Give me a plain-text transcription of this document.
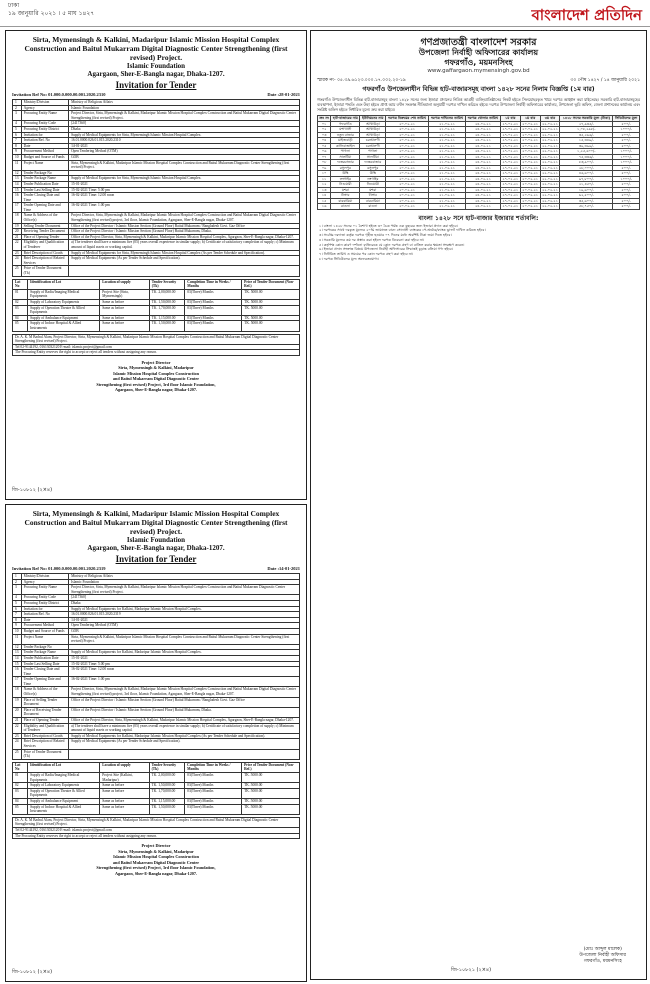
ঢাকা
১৯ জানুয়ারি ২০২১ । ৫ মাঘ ১৪২৭	বাংলাদেশ প্রতিদিন
Sirta, Mymensingh & Kalkini, Madaripur Islamic Mission Hospital Complex Construction and Baitul Mukarram Digital Diagnostic Center Strengthening (first revised) Project.
Islamic Foundation
Agargaon, Sher-E-Bangla nagar, Dhaka-1207.
Invitation for Tender
Invitation Ref No: 01.000.0.000.00.001.2020.2310	Date :28-01-2021
1	Ministry/Division	Ministry of Religious Affairs
2	Agency	Islamic Foundation
3	Procuring Entity Name	Project Director, Sirta, Mymensingh & Kalkini, Madaripur Islamic Mission Hospital Complex Construction and Baitul Mukarram Digital Diagnostic Center Strengthening (first revised) Project.
4	Procuring Entity Code	[2417360]
5	Procuring Entity District	Dhaka
6	Invitation for	Supply of Medical Equipments for Sirta, Mymensingh Islamic Mission Hospital Complex.
7	Invitation Ref. No	16.01.0000.026.01.015.2020.2310
8	Date	14-01-2021
9	Procurement Method	Open Tendering Method (OTM)
10	Budget and Source of Funds	GOB
11	Project Name	Sirta, Mymensingh & Kalkini, Madaripur Islamic Mission Hospital Complex Construction and Baitul Mukarram Diagnostic Center Strengthening (first revised) Project.
12	Tender Package No	
13	Tender Package Name	Supply of Medical Equipments for Sirta, Mymensingh Islamic Mission Hospital Complex.
14	Tender Publication Date	15-01-2021
15	Tender Last Selling Date	15-02-2021 Time: 5.00 pm
16	Tender Closing Date and Time	16-02-2021 Time: 12.00 noon
17	Tender Opening Date and Time	16-02-2021 Time: 1.00 pm
18	Name & Address of the Office(s)	Project Director, Sirta, Mymensingh & Kalkini, Madaripur Islamic Mission Hospital Complex Construction and Baitul Mukarram Digital Diagnostic Center Strengthening (first revised) project, 3rd floor, Islamic Foundation, Agargaon, Sher-E-Bangla nagar, Dhaka-1207.
19	Selling Tender Document	Office of the Project Director / Islamic Mission Section (Ground Floor) Baitul Mukarram / Bangladesh Govt. Gaz Office
20	Receiving Tender Document	Office of the Project Director / Islamic Mission Section (Ground Floor) Baitul Mukarram, Dhaka.
21	Place of Opening Tender	Office of the Project Director, Sirta, Mymensingh & Kalkini, Madaripur Islamic Mission Hospital Complex, Agargaon, Sher-E-Bangla nagar, Dhaka-1207.
22	Eligibility and Qualification of Tenderer	a) The tenderer shall have a minimum five (05) years overall experience in similar supply; b) Certificate of satisfactory completion of supply; c) Minimum amount of liquid assets or working capital.
23	Brief Description of Goods	Supply of Medical Equipments for Sirta, Mymensingh Islamic Mission Hospital Complex (As per Tender Schedule and Specification).
24	Brief Description of Related Services	Supply of Medical Equipments (As per Tender Schedule and Specification).
25	Price of Tender Document (Tk)	
Lot No	Identification of Lot	Location of supply	Tender Security (Tk)	Completion Time in Weeks / Months	Price of Tender Document (Non-Ref.)
01	Supply of Radio/Imaging Medical Equipments	Project Site (Sirta, Mymensingh)	TK. 2,00,000.00	03(Three) Months	TK. 5000.00
02	Supply of Laboratory Equipments	Same as before	TK. 1,50,000.00	03(Three) Months	TK. 5000.00
03	Supply of Operation Theatre & Allied Equipments	Same as before	TK. 1,70,000.00	03(Three) Months	TK. 5000.00
04	Supply of Ambulance Equipment	Same as before	TK. 1,15,000.00	03(Three) Months	TK. 5000.00
05	Supply of Indoor Hospital & Allied Instruments	Same as before	TK. 1,50,000.00	03(Three) Months	TK. 5000.00
Dr. A. K. M Badrul Alam, Project Director, Sirta, Mymensingh & Kalkini, Madaripur Islamic Mission Hospital Complex Construction and Baitul Mukarram Digital Diagnostic Center Strengthening (first revised) Project.
Tel 02-9144192, 01613032120 E-mail: islamic.project@gmail.com
The Procuring Entity reserves the right to accept or reject all tenders without assigning any reason.
Project Director
Sirta, Mymensingh & Kalkini, Madaripur
Islamic Mission Hospital Complex Construction
and Baitul Mukarram Digital Diagnostic Center
Strengthening (first revised) Project, 3rd floor Islamic Foundation,
Agargaon, Sher-E-Bangla nagar, Dhaka-1207.
জি-১০৮১২ (২×৪)
Sirta, Mymensingh & Kalkini, Madaripur Islamic Mission Hospital Complex Construction and Baitul Mukarram Digital Diagnostic Center Strengthening (first revised) Project.
Islamic Foundation
Agargaon, Sher-E-Bangla nagar, Dhaka-1207.
Invitation for Tender
Invitation Ref No: 01.000.0.000.00.001.2020.2319	Date :14-01-2021
1	Ministry/Division	Ministry of Religious Affairs
2	Agency	Islamic Foundation
3	Procuring Entity Name	Project Director, Sirta, Mymensingh & Kalkini, Madaripur Islamic Mission Hospital Complex Construction and Baitul Mukarram Diagnostic Center Strengthening (first revised) Project.
4	Procuring Entity Code	[2417360]
5	Procuring Entity District	Dhaka
6	Invitation for	Supply of Medical Equipments for Kalkini, Madaripur Islamic Mission Hospital Complex.
7	Invitation Ref. No	16.01.0000.026.01.015.2020.2319
8	Date	14-01-2021
9	Procurement Method	Open Tendering Method (OTM)
10	Budget and Source of Funds	GOB
11	Project Name	Sirta, Mymensingh & Kalkini, Madaripur Islamic Mission Hospital Complex Construction and Baitul Mukarram Diagnostic Center Strengthening (first revised) Project.
12	Tender Package No	
13	Tender Package Name	Supply of Medical Equipments for Kalkini, Madaripur Islamic Mission Hospital Complex.
14	Tender Publication Date	15-01-2021
15	Tender Last Selling Date	15-02-2021 Time: 5.00 pm
16	Tender Closing Date and Time	16-02-2021 Time: 12.00 noon
17	Tender Opening Date and Time	16-02-2021 Time: 1.00 pm
18	Name & Address of the Office(s)	Project Director, Sirta, Mymensingh & Kalkini, Madaripur Islamic Mission Hospital Complex Construction and Baitul Mukarram Digital Diagnostic Center Strengthening (first revised) project, 3rd floor, Islamic Foundation, Agargaon, Sher-E-Bangla nagar, Dhaka-1207.
19	Place of Selling Tender Document	Office of the Project Director / Islamic Mission Section (Ground Floor) Baitul Mukarram / Bangladesh Govt. Gaz Office
20	Place of Receiving Tender Document	Office of the Project Director / Islamic Mission Section (Ground Floor) Baitul Mukarram, Dhaka.
21	Place of Opening Tender	Office of the Project Director, Sirta, Mymensingh & Kalkini, Madaripur Islamic Mission Hospital Complex, Agargaon, Sher-E-Bangla nagar, Dhaka-1207.
22	Eligibility and Qualification of Tenderer	a) The tenderer shall have a minimum five (05) years overall experience in similar supply; b) Certificate of satisfactory completion of supply; c) Minimum amount of liquid assets or working capital.
23	Brief Description of Goods	Supply of Medical Equipments for Kalkini, Madaripur Islamic Mission Hospital Complex (As per Tender Schedule and Specification).
24	Brief Description of Related Services	Supply of Medical Equipments (As per Tender Schedule and Specification).
25	Price of Tender Document (Tk)	
Lot No	Identification of Lot	Location of supply	Tender Security (Tk)	Completion Time in Weeks / Months	Price of Tender Document (Non-Ref.)
01	Supply of Radio/Imaging Medical Equipments	Project Site (Kalkini, Madaripur)	TK. 2,00,000.00	03(Three) Months	TK. 5000.00
02	Supply of Laboratory Equipments	Same as before	TK. 1,50,000.00	03(Three) Months	TK. 5000.00
03	Supply of Operation Theatre & Allied Equipments	Same as before	TK. 1,70,000.00	03(Three) Months	TK. 5000.00
04	Supply of Ambulance Equipment	Same as before	TK. 1,15,000.00	03(Three) Months	TK. 5000.00
05	Supply of Indoor Hospital & Allied Instruments	Same as before	TK. 1,50,000.00	03(Three) Months	TK. 5000.00
Dr. A. K. M Badrul Alam, Project Director, Sirta, Mymensingh & Kalkini, Madaripur Islamic Mission Hospital Complex Construction and Baitul Mukarram Digital Diagnostic Center Strengthening (first revised) Project.
Tel 02-9144192, 01613032120 E-mail: islamic.project@gmail.com
The Procuring Entity reserves the right to accept or reject all tenders without assigning any reason.
Project Director
Sirta, Mymensingh & Kalkini, Madaripur
Islamic Mission Hospital Complex Construction
and Baitul Mukarram Digital Diagnostic Center
Strengthening (first revised) Project, 3rd floor Islamic Foundation,
Agargaon, Sher-E-Bangla nagar, Dhaka-1207.
জি-১০৮১২ (২×৪)
গণপ্রজাতন্ত্রী বাংলাদেশ সরকার
উপজেলা নির্বাহী অফিসারের কার্যালয়
গফরগাঁও, ময়মনসিংহ
www.gaffargaon.mymensingh.gov.bd
স্মারক নং- ০৫.৩৯.৬১২৩.০০০.১৭.০০২.২০-১৯	৩০ পৌষ ১৪২৭ / ১৪ জানুয়ারি ২০২১
গফরগাঁও উপজেলাধীন বিভিন্ন হাট-বাজারসমূহ বাংলা ১৪২৮ সনের নিলাম বিজ্ঞপ্তি (১ম বার)
গফরগাঁও উপজেলাধীন বিভিন্ন হাট-বাজারসমূহ বাংলা ১৪২৮ সনের জন্য ইজারা প্রদানের নিমিত্ত আগ্রহী ব্যক্তি/প্রতিষ্ঠানের নিকট হইতে সিলমোহরকৃত খামে দরপত্র আহ্বান করা যাইতেছে। সরকারি হাট-বাজারসমূহের ব্যবস্থাপনা, ইজারা পদ্ধতি এবং উহা হইতে প্রাপ্ত আয় বণ্টন সংক্রান্ত নীতিমালা অনুযায়ী দরপত্র দাখিল করিতে হইবে। দরপত্র উপজেলা নির্বাহী অফিসারের কার্যালয়, উপজেলা ভূমি অফিস, জেলা প্রশাসকের কার্যালয় এবং সংশ্লিষ্ট অফিস হইতে নির্ধারিত মূল্যে ক্রয় করা যাইবে।
ক্রঃ নং	হাট-বাজারের নাম	ইউনিয়নের নাম	দরপত্র বিক্রয়ের শেষ তারিখ	দরপত্র দাখিলের তারিখ	দরপত্র খোলার তারিখ	১ম বার	২য় বার	৩য় বার	১৪২৮ সনের সরকারি মূল্য (টাকা)	সিডিউলের মূল্য
০১	গফরগাঁও	আখাউড়া	২০.০২.২১	২১.০২.২১	২৪.০২.২১	২৭.০২.২১	২০.০২.২১	২২.০২.২১	২৭,৯৩৫/-	৫০০/-
০২	মশাখালী	আখাউড়া	২০.০২.২১	২১.০২.২১	২৪.০২.২১	২৭.০২.২১	২০.০২.২১	২২.০২.২১	১,০৮,২৯৮/-	১০০০/-
০৩	নতুন বাজার	আখাউড়া	২০.০২.২১	২১.০২.২১	২৪.০২.২১	২৭.০২.২১	২০.০২.২১	২২.০২.২১	৩৫,২৬৬/-	৫০০/-
০৪	মাইজবাড়ী	চরআলগী	২০.০২.২১	২১.০২.২১	২৪.০২.২১	২৭.০২.২১	২০.০২.২১	২২.০২.২১	১৫,৩৪৯/-	৫০০/-
০৫	কালিবাজাইল	চরআলগী	২০.০২.২১	২১.০২.২১	২৪.০২.২১	২৭.০২.২১	২০.০২.২১	২২.০২.২১	৩৯,৩৯৯/-	৫০০/-
০৬	পাগলা	পাগলা	২০.০২.২১	২১.০২.২১	২৪.০২.২১	২৭.০২.২১	২০.০২.২১	২২.০২.২১	১,২৫,৬০০/-	১০০০/-
০৭	সালটিয়া	সালটিয়া	২০.০২.২১	২১.০২.২১	২৪.০২.২১	২৭.০২.২১	২০.০২.২১	২২.০২.২১	৭৫,৩৩৬/-	১০০০/-
০৮	দত্তেরবাজার	দত্তেরবাজার	২০.০২.২১	২১.০২.২১	২৪.০২.২১	২৭.০২.২১	২০.০২.২১	২২.০২.২১	৮৩,৯০০/-	১০০০/-
০৯	রসুলপুর	রসুলপুর	২০.০২.২১	২১.০২.২১	২৪.০২.২১	২৭.০২.২১	২০.০২.২১	২২.০২.২১	২৮,০০০/-	৫০০/-
১০	উস্থি	উস্থি	২০.০২.২১	২১.০২.২১	২৪.০২.২১	২৭.০২.২১	২০.০২.২১	২২.০২.২১	৪৬,৬০০/-	৫০০/-
১১	লংগাইর	লংগাইর	২০.০২.২১	২১.০২.২১	২৪.০২.২১	২৭.০২.২১	২০.০২.২১	২২.০২.২১	৯৭,৮০০/-	১০০০/-
১২	নিগুয়ারী	নিগুয়ারী	২০.০২.২১	২১.০২.২১	২৪.০২.২১	২৭.০২.২১	২০.০২.২১	২২.০২.২১	২১,৪৫০/-	৫০০/-
১৩	যশরা	যশরা	২০.০২.২১	২১.০২.২১	২৪.০২.২১	২৭.০২.২১	২০.০২.২১	২২.০২.২১	১৯,৬০০/-	৫০০/-
১৪	টাঙ্গাব	টাঙ্গাব	২০.০২.২১	২১.০২.২১	২৪.০২.২১	২৭.০২.২১	২০.০২.২১	২২.০২.২১	৬২,৫০০/-	৫০০/-
১৫	বারবারিয়া	বারবারিয়া	২০.০২.২১	২১.০২.২১	২৪.০২.২১	২৭.০২.২১	২০.০২.২১	২২.০২.২১	৩৫,৬০০/-	৫০০/-
১৬	রাওনা	রাওনা	২০.০২.২১	২১.০২.২১	২৪.০২.২১	২৭.০২.২১	২০.০২.২১	২২.০২.২১	৫৮,৭৫০/-	৫০০/-
বাংলা ১৪২৮ সনে হাট-বাজার ইজারার শর্তাবলি:
১। বাংলা ১৪২৮ সনের ০১ বৈশাখ হইতে ৩০ চৈত্র পর্যন্ত এক বছরের জন্য ইজারা প্রদান করা হইবে।
২। দরপত্রের সাথে দরকৃত মূল্যের ২০% জামানত বাবদ সোনালী ব্যাংকের পে-অর্ডার/ব্যাংক ড্রাফট দাখিল করিতে হইবে।
৩। সর্বোচ্চ দরদাতা কর্তৃক দরপত্র গৃহীত হওয়ার ০৭ দিনের মধ্যে অবশিষ্ট টাকা জমা দিতে হইবে।
৪। সরকারি মূল্যের কম দর প্রস্তাব করা হইলে দরপত্র বিবেচনা করা হইবে না।
৫। কর্তৃপক্ষ কোন কারণ দর্শানো ব্যতিরেকে যে কোন দরপত্র গ্রহণ বা বাতিল করার ক্ষমতা সংরক্ষণ করেন।
৬। ইজারা প্রদান সংক্রান্ত বিষয়ে উপজেলা নির্বাহী অফিসারের সিদ্ধান্তই চূড়ান্ত বলিয়া গণ্য হইবে।
৭। নির্ধারিত তারিখ ও সময়ের পর কোন দরপত্র গ্রহণ করা হইবে না।
৮। দরপত্র সিডিউলের মূল্য অফেরতযোগ্য।
(মোঃ আব্দুল মালেক)
উপজেলা নির্বাহী অফিসার
গফরগাঁও, ময়মনসিংহ
জি-১০৮২১ (২×৪)
